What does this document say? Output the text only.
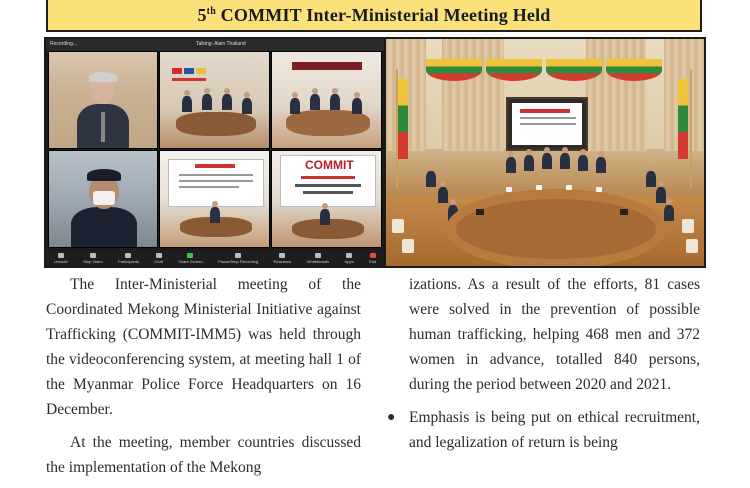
5th COMMIT Inter-Ministerial Meeting Held
Recording...	Talking: Alain Thailand
COMMIT
Unmute	Stop Video	Participants	Chat	Share Screen	Pause/Stop Recording	Reactions	Whiteboards	Apps	End

The Inter-Ministerial meeting of the Coordinated Mekong Ministerial Initiative against Trafficking (COMMIT-IMM5) was held through the videoconferencing system, at meeting hall 1 of the Myanmar Police Force Headquarters on 16 December.

At the meeting, member countries discussed the implementation of the Mekong

izations. As a result of the efforts, 81 cases were solved in the prevention of possible human trafficking, helping 468 men and 372 women in advance, totalled 840 persons, during the period between 2020 and 2021.

● Emphasis is being put on ethical recruitment, and legalization of return is being
